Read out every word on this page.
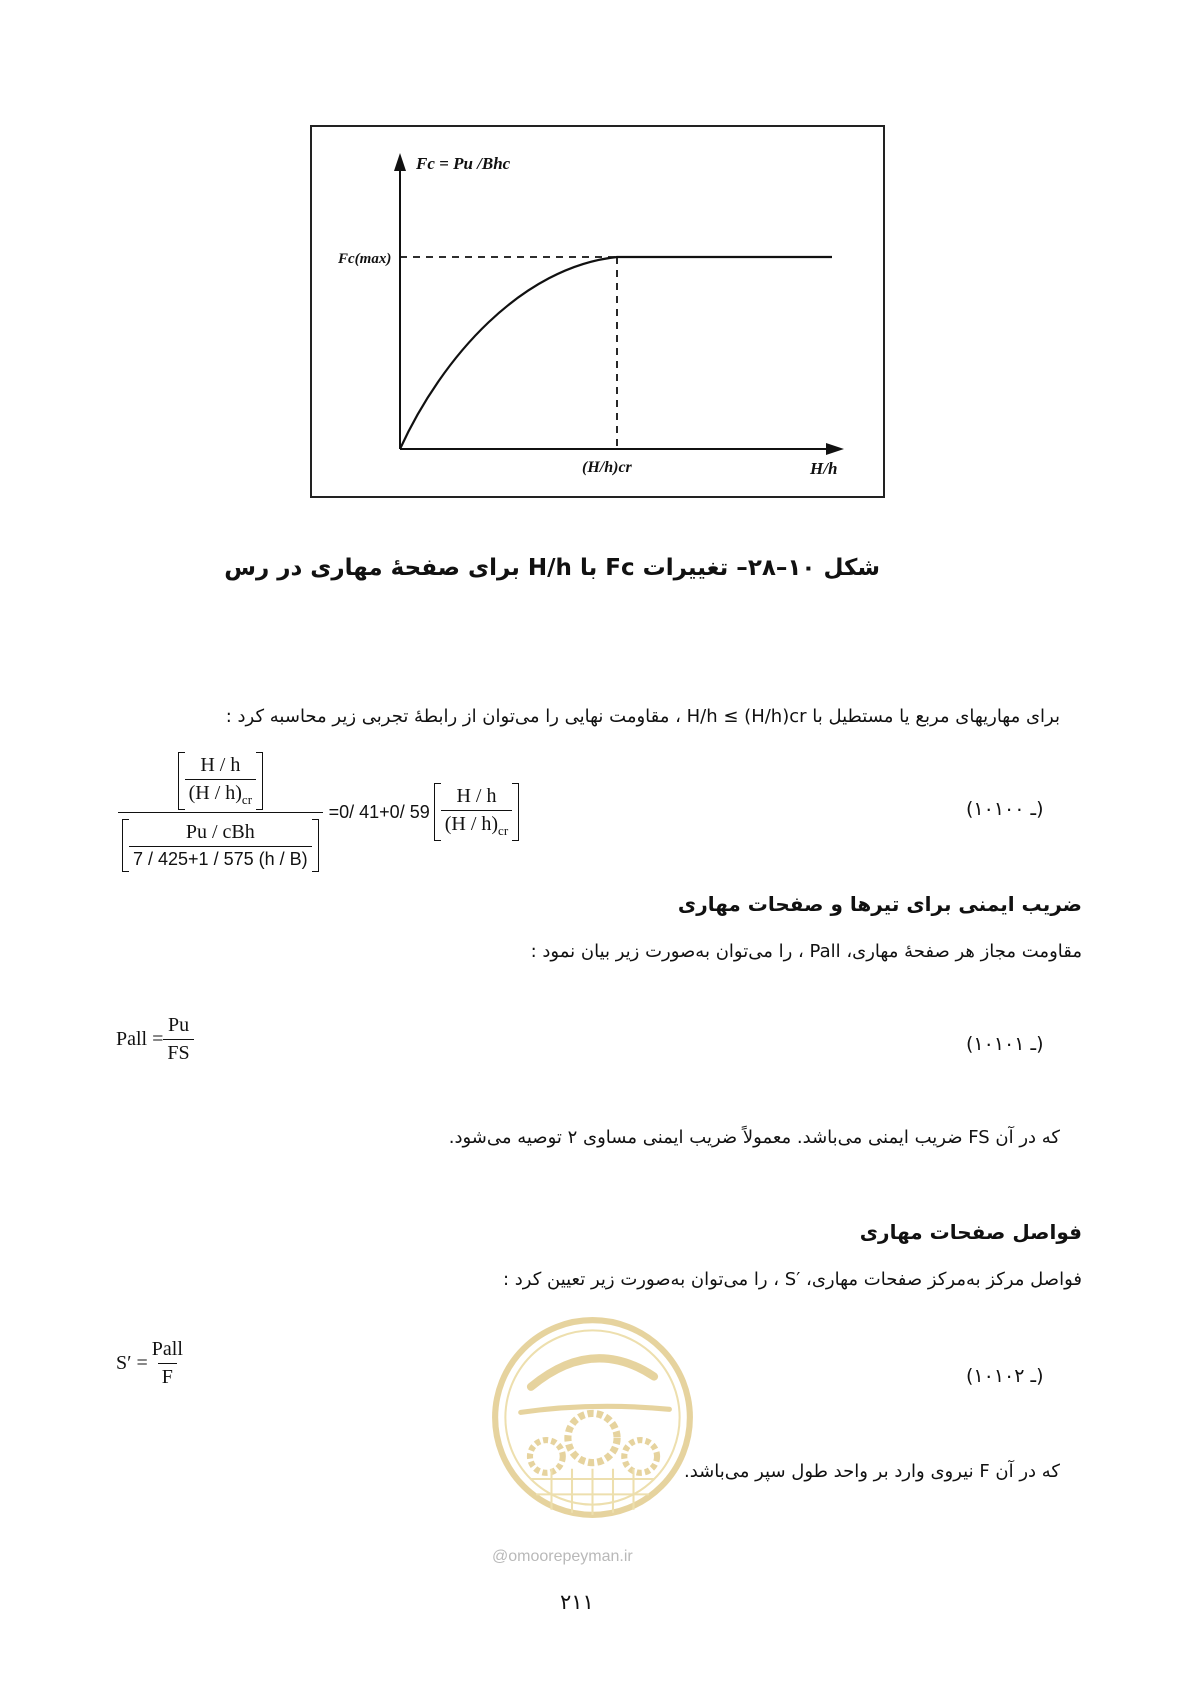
Fc = Pu /Bhc
Fc(max)
(H/h)cr	H/h
شکل ۱۰–۲۸– تغییرات Fc با H/h برای صفحهٔ مهاری در رس
برای مهاریهای مربع یا مستطیل با H/h ≤ (H/h)cr ، مقاومت نهایی را می‌توان از رابطهٔ تجربی زیر محاسبه کرد :
$\frac{\frac{H / h}{(H / h)_{cr}}}{\frac{\text{Pu / cBh}}{7 / 425+1 / 575 (h / B)}} =0/$ 41+0/ $59 \frac{H / h}{(H / h)_{cr}}$	(۱۰ـ ۱۰۰)
ضریب ایمنی برای تیرها و صفحات مهاری
مقاومت مجاز هر صفحهٔ مهاری، Pall ، را می‌توان به‌صورت زیر بیان نمود :
Pall = $\frac{Pu}{FS}$	(۱۰ـ ۱۰۱)
که در آن FS ضریب ایمنی می‌باشد. معمولاً ضریب ایمنی مساوی ۲ توصیه می‌شود.
فواصل صفحات مهاری
فواصل مرکز به‌مرکز صفحات مهاری، ′S ، را می‌توان به‌صورت زیر تعیین کرد :
$S' = \frac{\text{Pall}}{F}$	(۱۰ـ ۱۰۲)
که در آن F نیروی وارد بر واحد طول سپر می‌باشد.
@omoorepeyman.ir
۲۱۱
